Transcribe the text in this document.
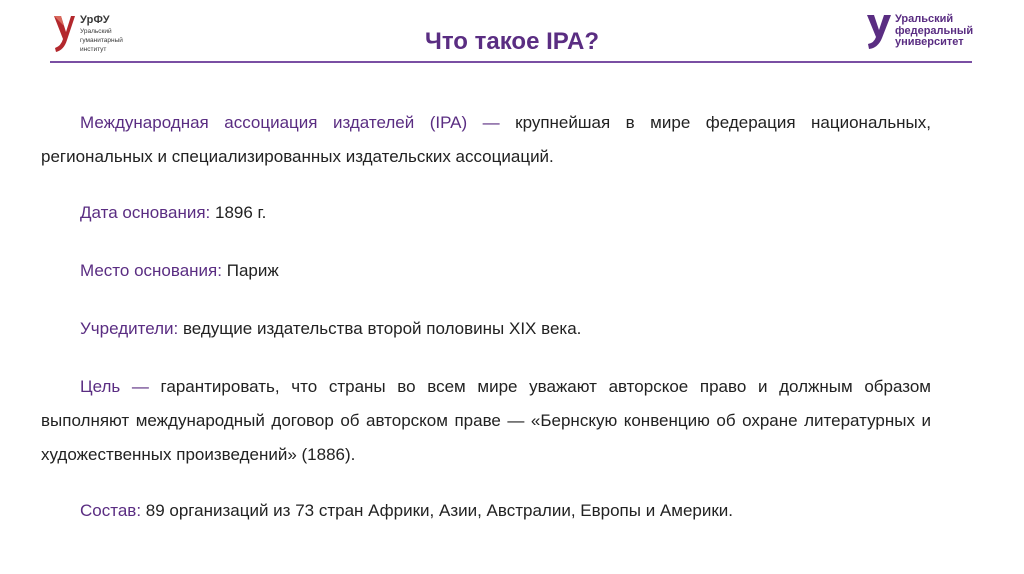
УрФУ
Уральский
гуманитарный
институт	Что такое IPA?
Уральский
федеральный
университет

Международная ассоциация издателей (IPA) — крупнейшая в мире федерация национальных, региональных и специализированных издательских ассоциаций.

Дата основания: 1896 г.

Место основания: Париж

Учредители: ведущие издательства второй половины XIX века.

Цель — гарантировать, что страны во всем мире уважают авторское право и должным образом выполняют международный договор об авторском праве — «Бернскую конвенцию об охране литературных и художественных произведений» (1886).

Состав: 89 организаций из 73 стран Африки, Азии, Австралии, Европы и Америки.
